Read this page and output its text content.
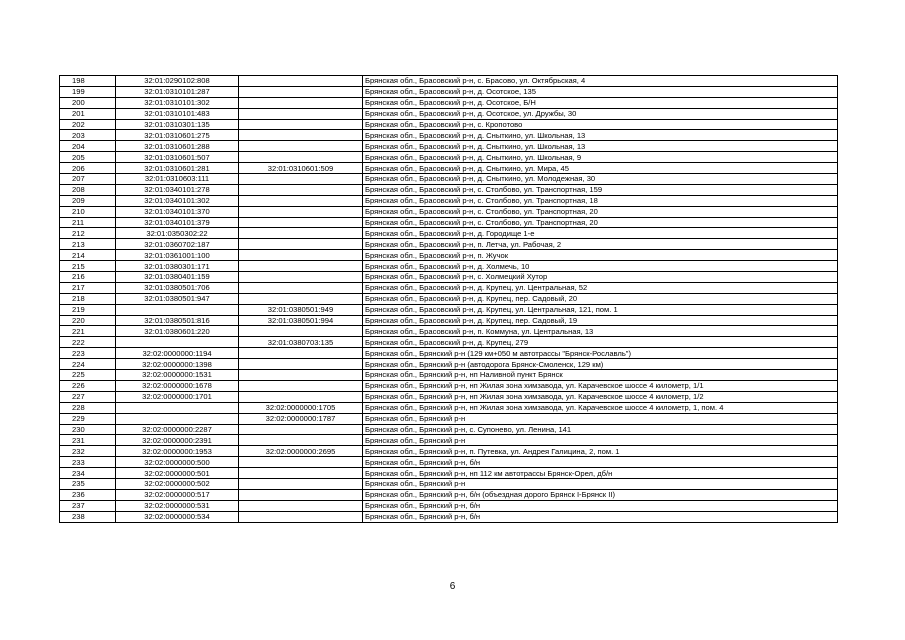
198	32:01:0290102:808		Брянская обл., Брасовский р-н, с. Брасово, ул. Октябрьская, 4
199	32:01:0310101:287		Брянская обл., Брасовский р-н, д. Осотское, 135
200	32:01:0310101:302		Брянская обл., Брасовский р-н, д. Осотское, Б/Н
201	32:01:0310101:483		Брянская обл., Брасовский р-н, д. Осотское, ул. Дружбы, 30
202	32:01:0310301:135		Брянская обл., Брасовский р-н, с. Кропотово
203	32:01:0310601:275		Брянская обл., Брасовский р-н, д. Сныткино, ул. Школьная, 13
204	32:01:0310601:288		Брянская обл., Брасовский р-н, д. Сныткино, ул. Школьная, 13
205	32:01:0310601:507		Брянская обл., Брасовский р-н, д. Сныткино, ул. Школьная, 9
206	32:01:0310601:281	32:01:0310601:509	Брянская обл., Брасовский р-н, д. Сныткино, ул. Мира, 45
207	32:01:0310603:111		Брянская обл., Брасовский р-н, д. Сныткино, ул. Молодежная, 30
208	32:01:0340101:278		Брянская обл., Брасовский р-н, с. Столбово, ул. Транспортная, 159
209	32:01:0340101:302		Брянская обл., Брасовский р-н, с. Столбово, ул. Транспортная, 18
210	32:01:0340101:370		Брянская обл., Брасовский р-н, с. Столбово, ул. Транспортная, 20
211	32:01:0340101:379		Брянская обл., Брасовский р-н, с. Столбово, ул. Транспортная, 20
212	32:01:0350302:22		Брянская обл., Брасовский р-н, д. Городище 1-е
213	32:01:0360702:187		Брянская обл., Брасовский р-н, п. Летча, ул. Рабочая, 2
214	32:01:0361001:100		Брянская обл., Брасовский р-н, п. Жучок
215	32:01:0380301:171		Брянская обл., Брасовский р-н, д. Холмечь, 10
216	32:01:0380401:159		Брянская обл., Брасовский р-н, с. Холмецкий Хутор
217	32:01:0380501:706		Брянская обл., Брасовский р-н, д. Крупец, ул. Центральная, 52
218	32:01:0380501:947		Брянская обл., Брасовский р-н, д. Крупец, пер. Садовый, 20
219		32:01:0380501:949	Брянская обл., Брасовский р-н, д. Крупец, ул. Центральная, 121, пом. 1
220	32:01:0380501:816	32:01:0380501:994	Брянская обл., Брасовский р-н, д. Крупец, пер. Садовый, 19
221	32:01:0380601:220		Брянская обл., Брасовский р-н, п. Коммуна, ул. Центральная, 13
222		32:01:0380703:135	Брянская обл., Брасовский р-н, д. Крупец, 279
223	32:02:0000000:1194		Брянская обл., Брянский р-н (129 км+050 м автотрассы "Брянск-Рославль")
224	32:02:0000000:1398		Брянская обл., Брянский р-н (автодорога Брянск-Смоленск, 129 км)
225	32:02:0000000:1531		Брянская обл., Брянский р-н, нп Наливной пункт Брянск
226	32:02:0000000:1678		Брянская обл., Брянский р-н, нп Жилая зона химзавода, ул. Карачевское шоссе 4 километр, 1/1
227	32:02:0000000:1701		Брянская обл., Брянский р-н, нп Жилая зона химзавода, ул. Карачевское шоссе 4 километр, 1/2
228		32:02:0000000:1705	Брянская обл., Брянский р-н, нп Жилая зона химзавода, ул. Карачевское шоссе 4 километр, 1, пом. 4
229		32:02:0000000:1787	Брянская обл., Брянский р-н
230	32:02:0000000:2287		Брянская обл., Брянский р-н, с. Супонево, ул. Ленина, 141
231	32:02:0000000:2391		Брянская обл., Брянский р-н
232	32:02:0000000:1953	32:02:0000000:2695	Брянская обл., Брянский р-н, п. Путевка, ул. Андрея Галицина, 2, пом. 1
233	32:02:0000000:500		Брянская обл., Брянский р-н, б/н
234	32:02:0000000:501		Брянская обл., Брянский р-н, нп 112 км автотрассы Брянск-Орел, дб/н
235	32:02:0000000:502		Брянская обл., Брянский р-н
236	32:02:0000000:517		Брянская обл., Брянский р-н, б/н (объездная дорого Брянск I-Брянск II)
237	32:02:0000000:531		Брянская обл., Брянский р-н, б/н
238	32:02:0000000:534		Брянская обл., Брянский р-н, б/н
6
